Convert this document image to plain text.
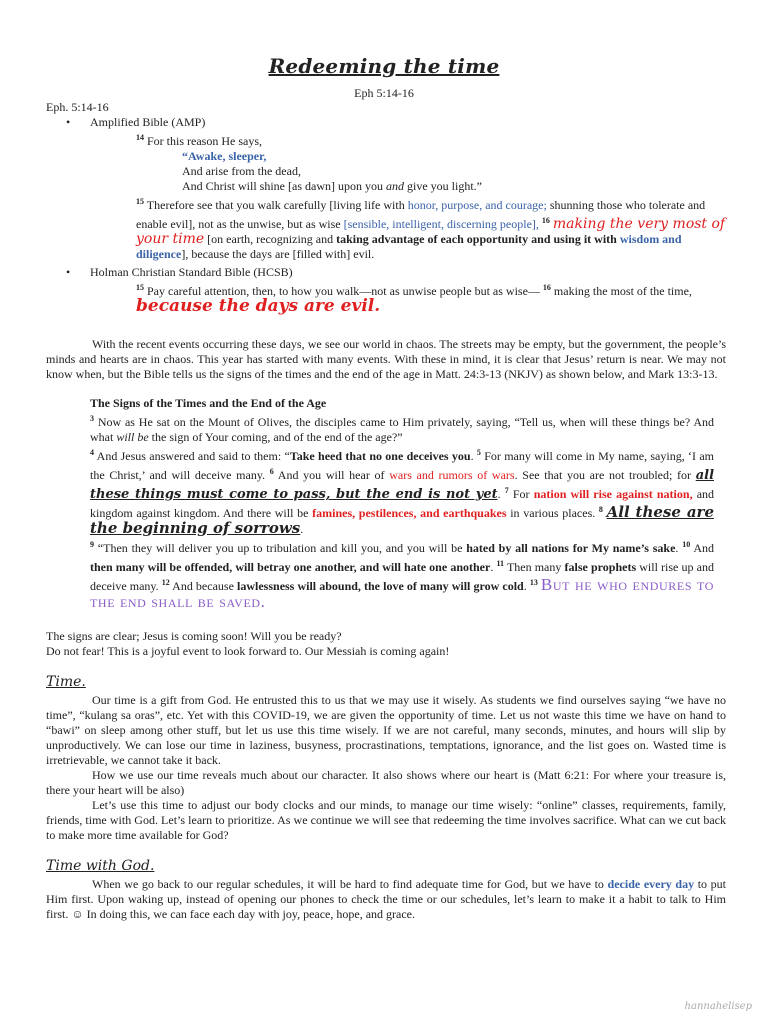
Redeeming the time
Eph 5:14-16

Eph. 5:14-16

• Amplified Bible (AMP)

$^{14}$ For this reason He says,

“Awake, sleeper,

And arise from the dead,

And Christ will shine [as dawn] upon you and give you light.”

$^{15}$ Therefore see that you walk carefully [living life with honor, purpose, and courage; shunning those who tolerate and enable evil], not as the unwise, but as wise [sensible, intelligent, discerning people], $^{16}$ making the very most of your time [on earth, recognizing and taking advantage of each opportunity and using it with wisdom and diligence], because the days are [filled with] evil.

• Holman Christian Standard Bible (HCSB)

$^{15}$ Pay careful attention, then, to how you walk—not as unwise people but as wise— $^{16}$ making the most of the time, because the days are evil.

With the recent events occurring these days, we see our world in chaos. The streets may be empty, but the government, the people’s minds and hearts are in chaos. This year has started with many events. With these in mind, it is clear that Jesus’ return is near. We may not know when, but the Bible tells us the signs of the times and the end of the age in Matt. 24:3-13 (NKJV) as shown below, and Mark 13:3-13.

The Signs of the Times and the End of the Age

$^3$ Now as He sat on the Mount of Olives, the disciples came to Him privately, saying, “Tell us, when will these things be? And what will be the sign of Your coming, and of the end of the age?”

$^4$ And Jesus answered and said to them: “Take heed that no one deceives you. $^5$ For many will come in My name, saying, ‘I am the Christ,’ and will deceive many. $^6$ And you will hear of wars and rumors of wars. See that you are not troubled; for all these things must come to pass, but the end is not yet. $^7$ For nation will rise against nation, and kingdom against kingdom. And there will be famines, pestilences, and earthquakes in various places. $^8$ All these are the beginning of sorrows.

$^9$ “Then they will deliver you up to tribulation and kill you, and you will be hated by all nations for My name’s sake. $^{10}$ And then many will be offended, will betray one another, and will hate one another. $^{11}$ Then many false prophets will rise up and deceive many. $^{12}$ And because lawlessness will abound, the love of many will grow cold. $^{13}$ But he who endures to the end shall be saved.

The signs are clear; Jesus is coming soon! Will you be ready?

Do not fear! This is a joyful event to look forward to. Our Messiah is coming again!

Time.

Our time is a gift from God. He entrusted this to us that we may use it wisely. As students we find ourselves saying “we have no time”, “kulang sa oras”, etc. Yet with this COVID-19, we are given the opportunity of time. Let us not waste this time we have on hand to “bawi” on sleep among other stuff, but let us use this time wisely. If we are not careful, many seconds, minutes, and hours will slip by unproductively. We can lose our time in laziness, busyness, procrastinations, temptations, ignorance, and the list goes on. Wasted time is irretrievable, we cannot take it back.

How we use our time reveals much about our character. It also shows where our heart is (Matt 6:21: For where your treasure is, there your heart will be also)

Let’s use this time to adjust our body clocks and our minds, to manage our time wisely: “online” classes, requirements, family, friends, time with God. Let’s learn to prioritize. As we continue we will see that redeeming the time involves sacrifice. What can we cut back to make more time available for God?

Time with God.

When we go back to our regular schedules, it will be hard to find adequate time for God, but we have to decide every day to put Him first. Upon waking up, instead of opening our phones to check the time or our schedules, let’s learn to make it a habit to talk to Him first. ☺ In doing this, we can face each day with joy, peace, hope, and grace.

hannahelisep
